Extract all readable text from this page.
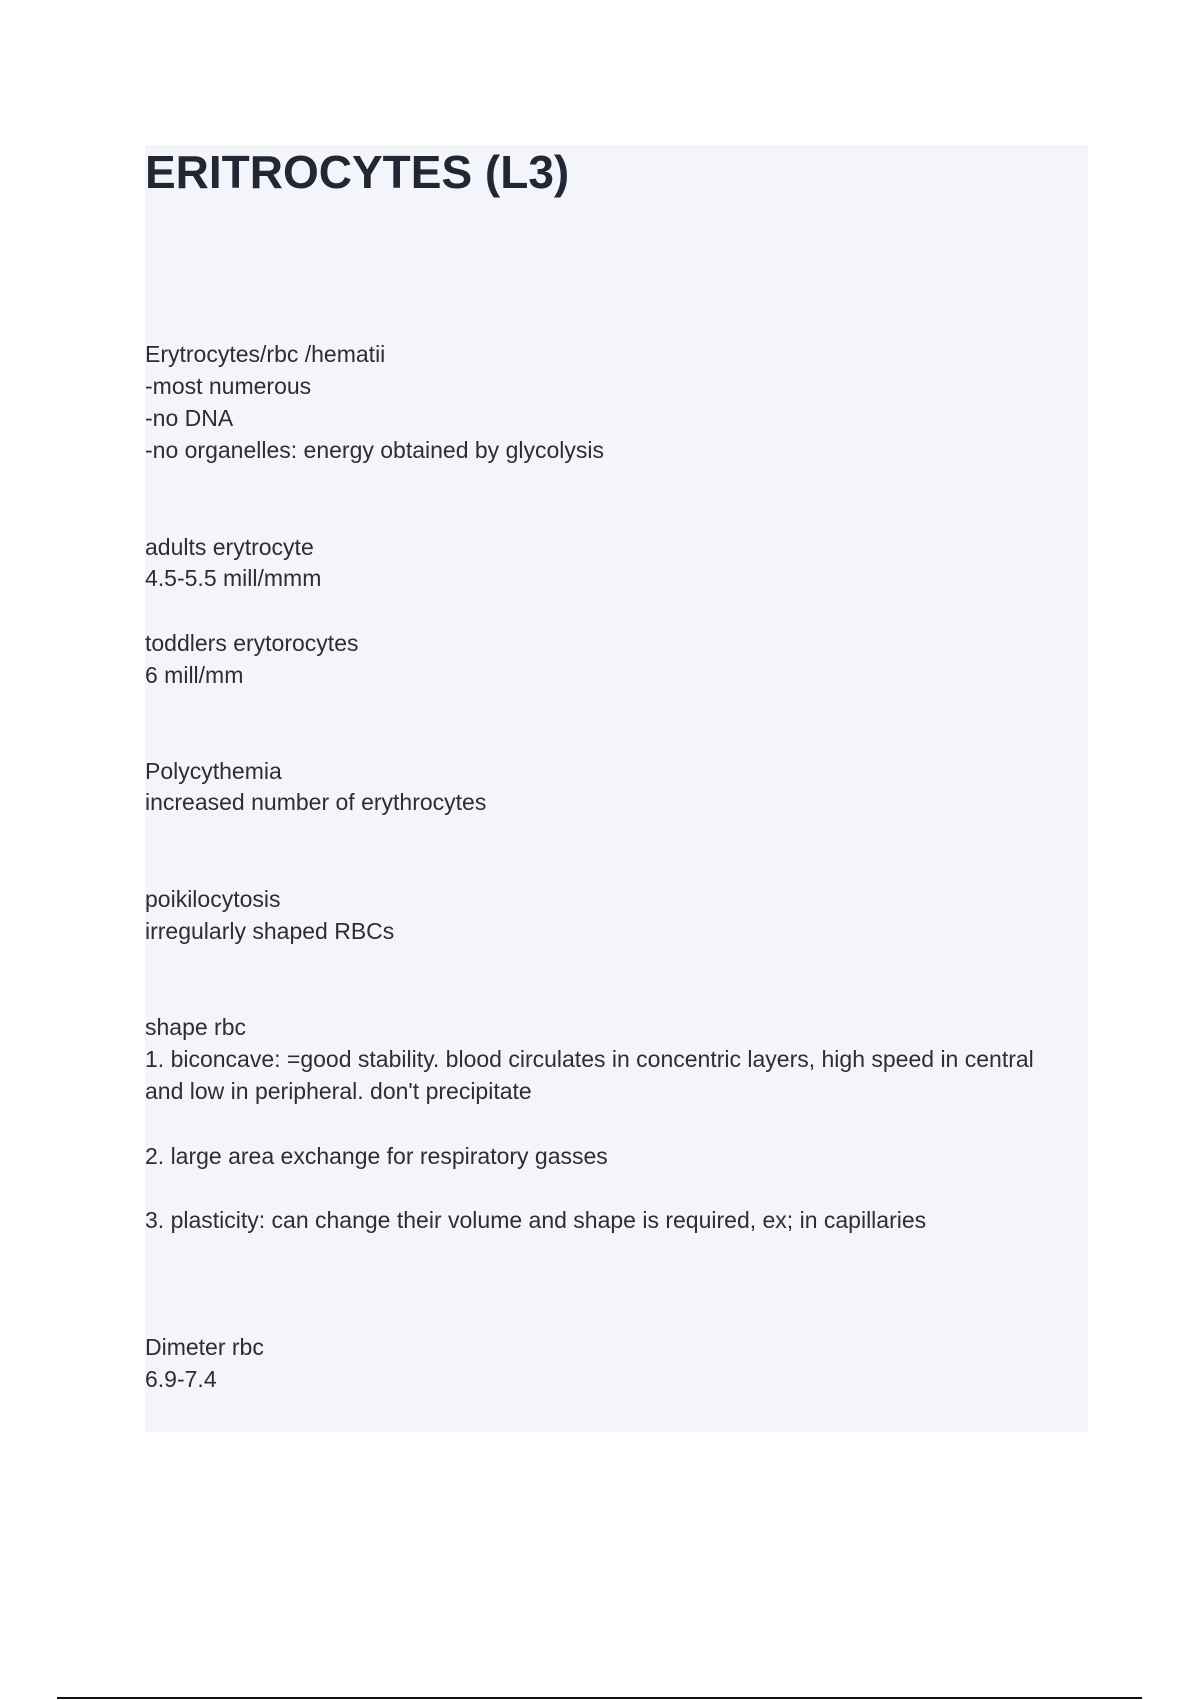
ERITROCYTES (L3)
Erytrocytes/rbc /hematii
-most numerous
-no DNA
-no organelles: energy obtained by glycolysis
adults erytrocyte
4.5-5.5 mill/mmm
toddlers erytorocytes
6 mill/mm
Polycythemia
increased number of erythrocytes
poikilocytosis
irregularly shaped RBCs
shape rbc
1. biconcave: =good stability. blood circulates in concentric layers, high speed in central
and low in peripheral. don't precipitate
2. large area exchange for respiratory gasses
3. plasticity: can change their volume and shape is required, ex; in capillaries
Dimeter rbc
6.9-7.4
